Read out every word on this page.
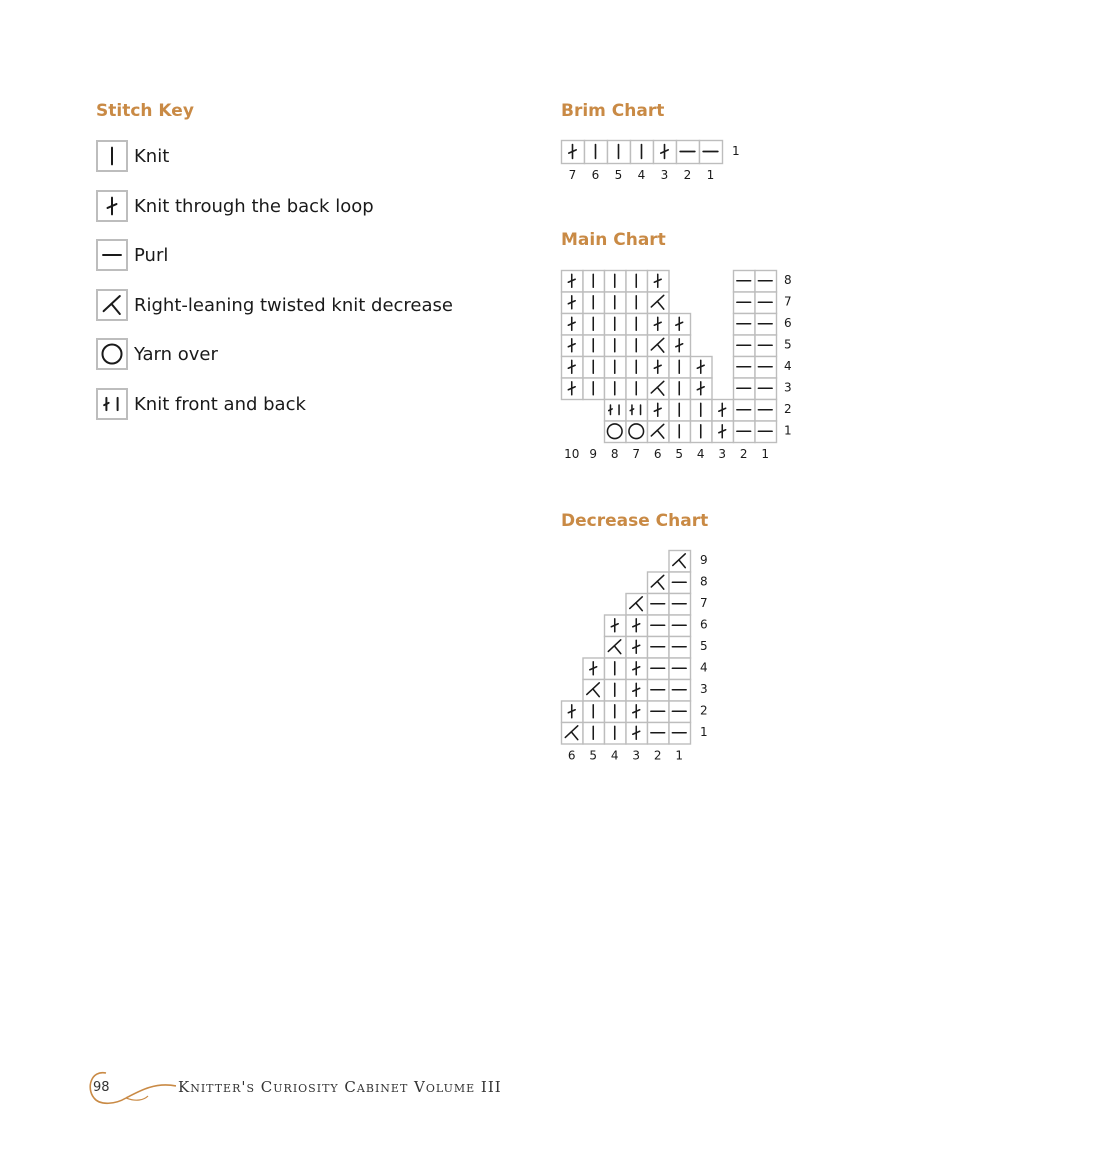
Stitch Key
Knit
Knit through the back loop
Purl
Right-leaning twisted knit decrease
Yarn over
Knit front and back
Brim Chart
1
7 6 5 4 3 2 1
Main Chart
8
7
6
5
4
3
2
1
10 9 8 7 6 5 4 3 2 1
Decrease Chart
9
8
7
6
5
4
3
2
1
6 5 4 3 2 1
98	Knitter's Curiosity Cabinet Volume III
